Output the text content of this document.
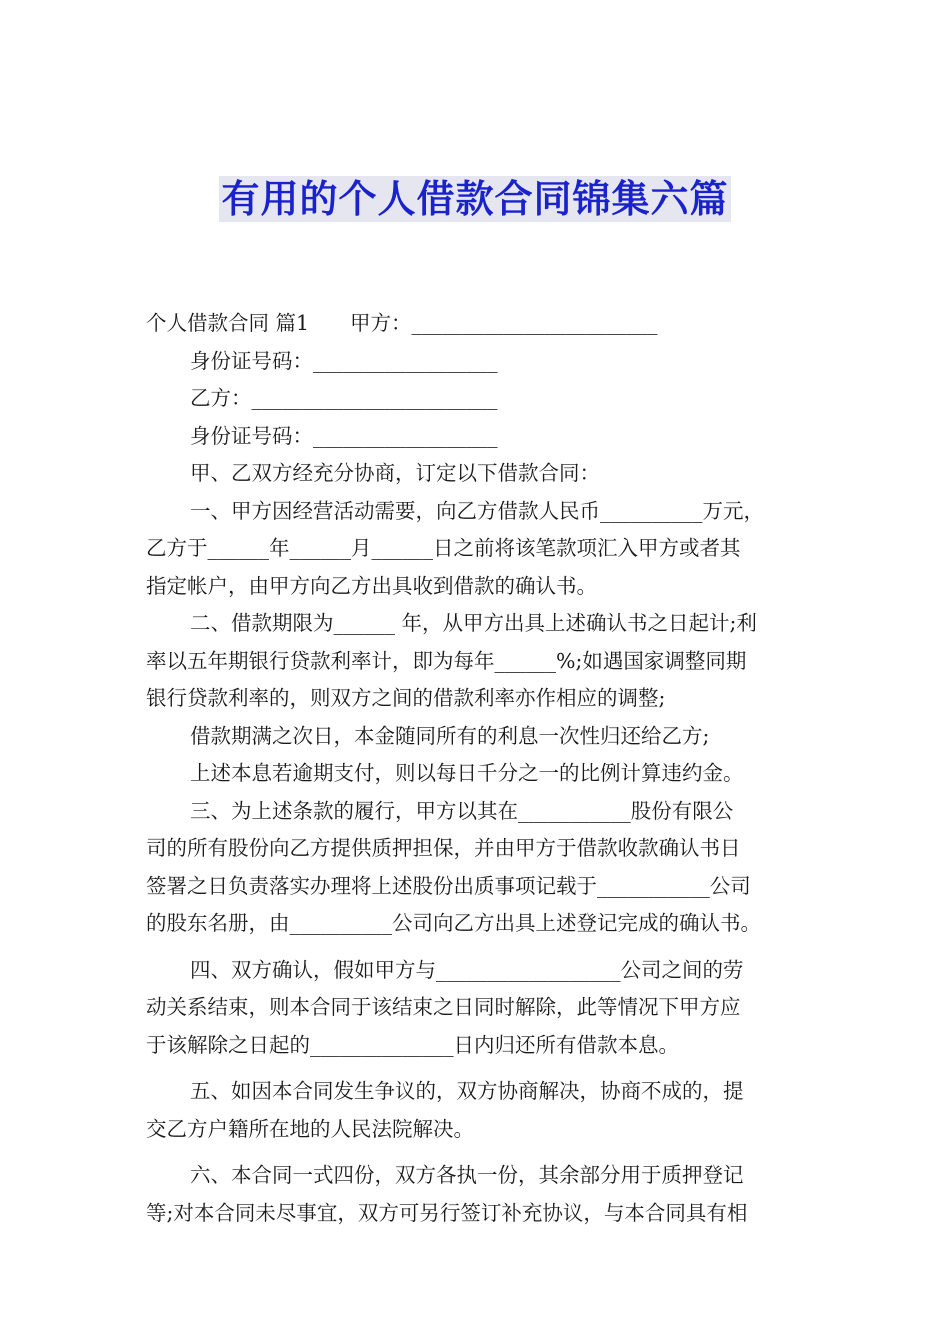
有用的个人借款合同锦集六篇
个人借款合同 篇1　　甲方：________________________
身份证号码：__________________
乙方：________________________
身份证号码：__________________
甲、乙双方经充分协商，订定以下借款合同：
一、甲方因经营活动需要，向乙方借款人民币__________万元，
乙方于______年______月______日之前将该笔款项汇入甲方或者其
指定帐户，由甲方向乙方出具收到借款的确认书。
二、借款期限为______ 年，从甲方出具上述确认书之日起计;利
率以五年期银行贷款利率计，即为每年______%;如遇国家调整同期
银行贷款利率的，则双方之间的借款利率亦作相应的调整;
借款期满之次日，本金随同所有的利息一次性归还给乙方;
上述本息若逾期支付，则以每日千分之一的比例计算违约金。
三、为上述条款的履行，甲方以其在___________股份有限公
司的所有股份向乙方提供质押担保，并由甲方于借款收款确认书日
签署之日负责落实办理将上述股份出质事项记载于___________公司
的股东名册，由__________公司向乙方出具上述登记完成的确认书。
四、双方确认，假如甲方与__________________公司之间的劳
动关系结束，则本合同于该结束之日同时解除，此等情况下甲方应
于该解除之日起的______________日内归还所有借款本息。
五、如因本合同发生争议的，双方协商解决，协商不成的，提
交乙方户籍所在地的人民法院解决。
六、本合同一式四份，双方各执一份，其余部分用于质押登记
等;对本合同未尽事宜，双方可另行签订补充协议，与本合同具有相
